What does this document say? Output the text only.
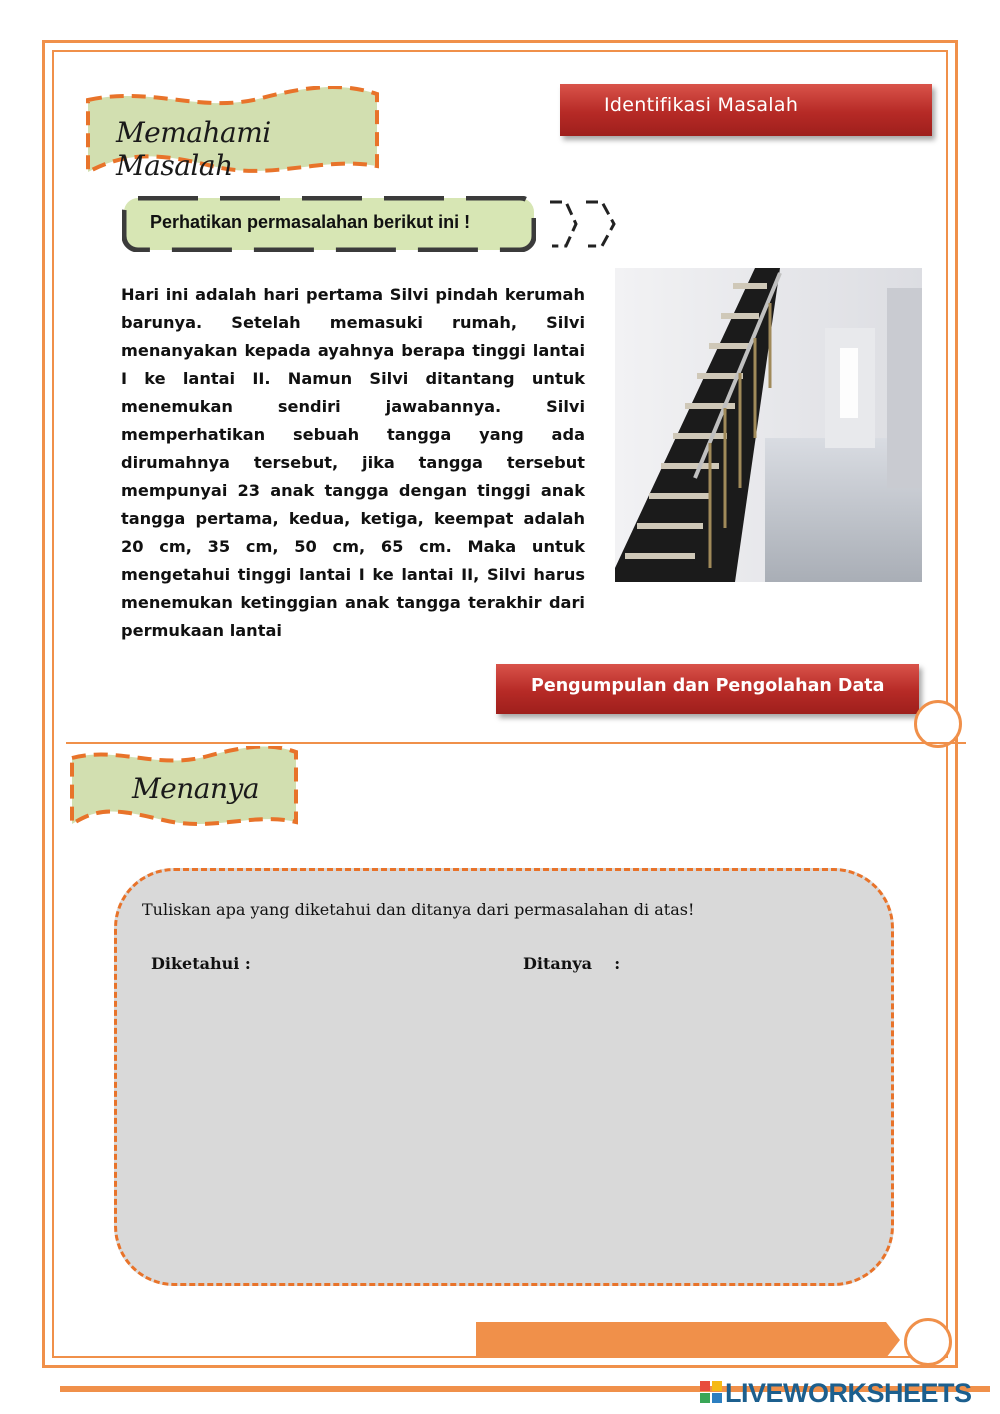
Memahami Masalah
Identifikasi Masalah
Perhatikan permasalahan berikut ini !
Hari ini adalah hari pertama Silvi pindah kerumah barunya. Setelah memasuki rumah, Silvi menanyakan kepada ayahnya berapa tinggi lantai I ke lantai II. Namun Silvi ditantang untuk menemukan sendiri jawabannya. Silvi memperhatikan sebuah tangga yang ada dirumahnya tersebut, jika tangga tersebut mempunyai 23 anak tangga dengan tinggi anak tangga pertama, kedua, ketiga, keempat adalah 20 cm, 35 cm, 50 cm, 65 cm. Maka untuk mengetahui tinggi lantai I ke lantai II, Silvi harus menemukan ketinggian anak tangga terakhir dari permukaan lantai
Pengumpulan dan Pengolahan Data
Menanya
Tuliskan apa yang diketahui dan ditanya dari permasalahan di atas!
Diketahui :	Ditanya    :
LIVEWORKSHEETS
